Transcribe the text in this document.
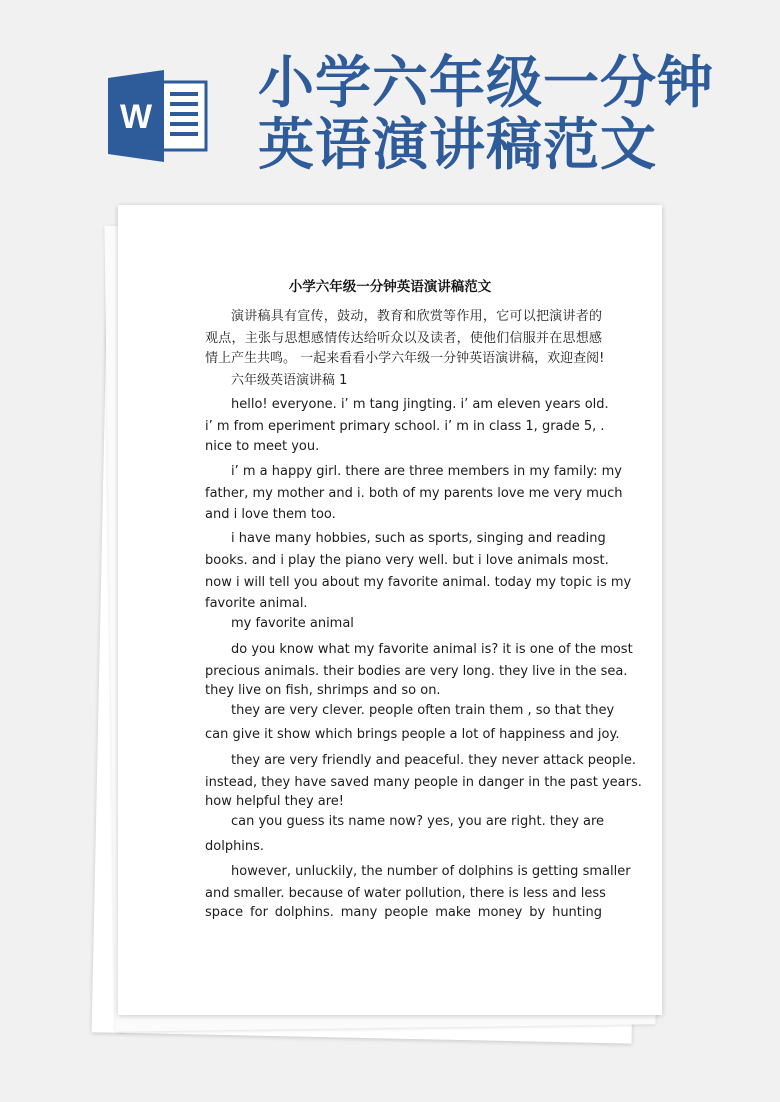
W
小学六年级一分钟
英语演讲稿范文
小学六年级一分钟英语演讲稿范文
演讲稿具有宣传，鼓动，教育和欣赏等作用，它可以把演讲者的
观点，主张与思想感情传达给听众以及读者，使他们信服并在思想感
情上产生共鸣。 一起来看看小学六年级一分钟英语演讲稿，欢迎查阅!
六年级英语演讲稿 1
hello! everyone. i’ m tang jingting. i’ am eleven years old.
i’ m from eperiment primary school. i’ m in class 1, grade 5, .
nice to meet you.
i’ m a happy girl. there are three members in my family: my
father, my mother and i. both of my parents love me very much
and i love them too.
i have many hobbies, such as sports, singing and reading
books. and i play the piano very well. but i love animals most.
now i will tell you about my favorite animal. today my topic is my
favorite animal.
my favorite animal
do you know what my favorite animal is? it is one of the most
precious animals. their bodies are very long. they live in the sea.
they live on fish, shrimps and so on.
they are very clever. people often train them , so that they
can give it show which brings people a lot of happiness and joy.
they are very friendly and peaceful. they never attack people.
instead, they have saved many people in danger in the past years.
how helpful they are!
can you guess its name now? yes, you are right. they are
dolphins.
however, unluckily, the number of dolphins is getting smaller
and smaller. because of water pollution, there is less and less
space for dolphins. many people make money by hunting
